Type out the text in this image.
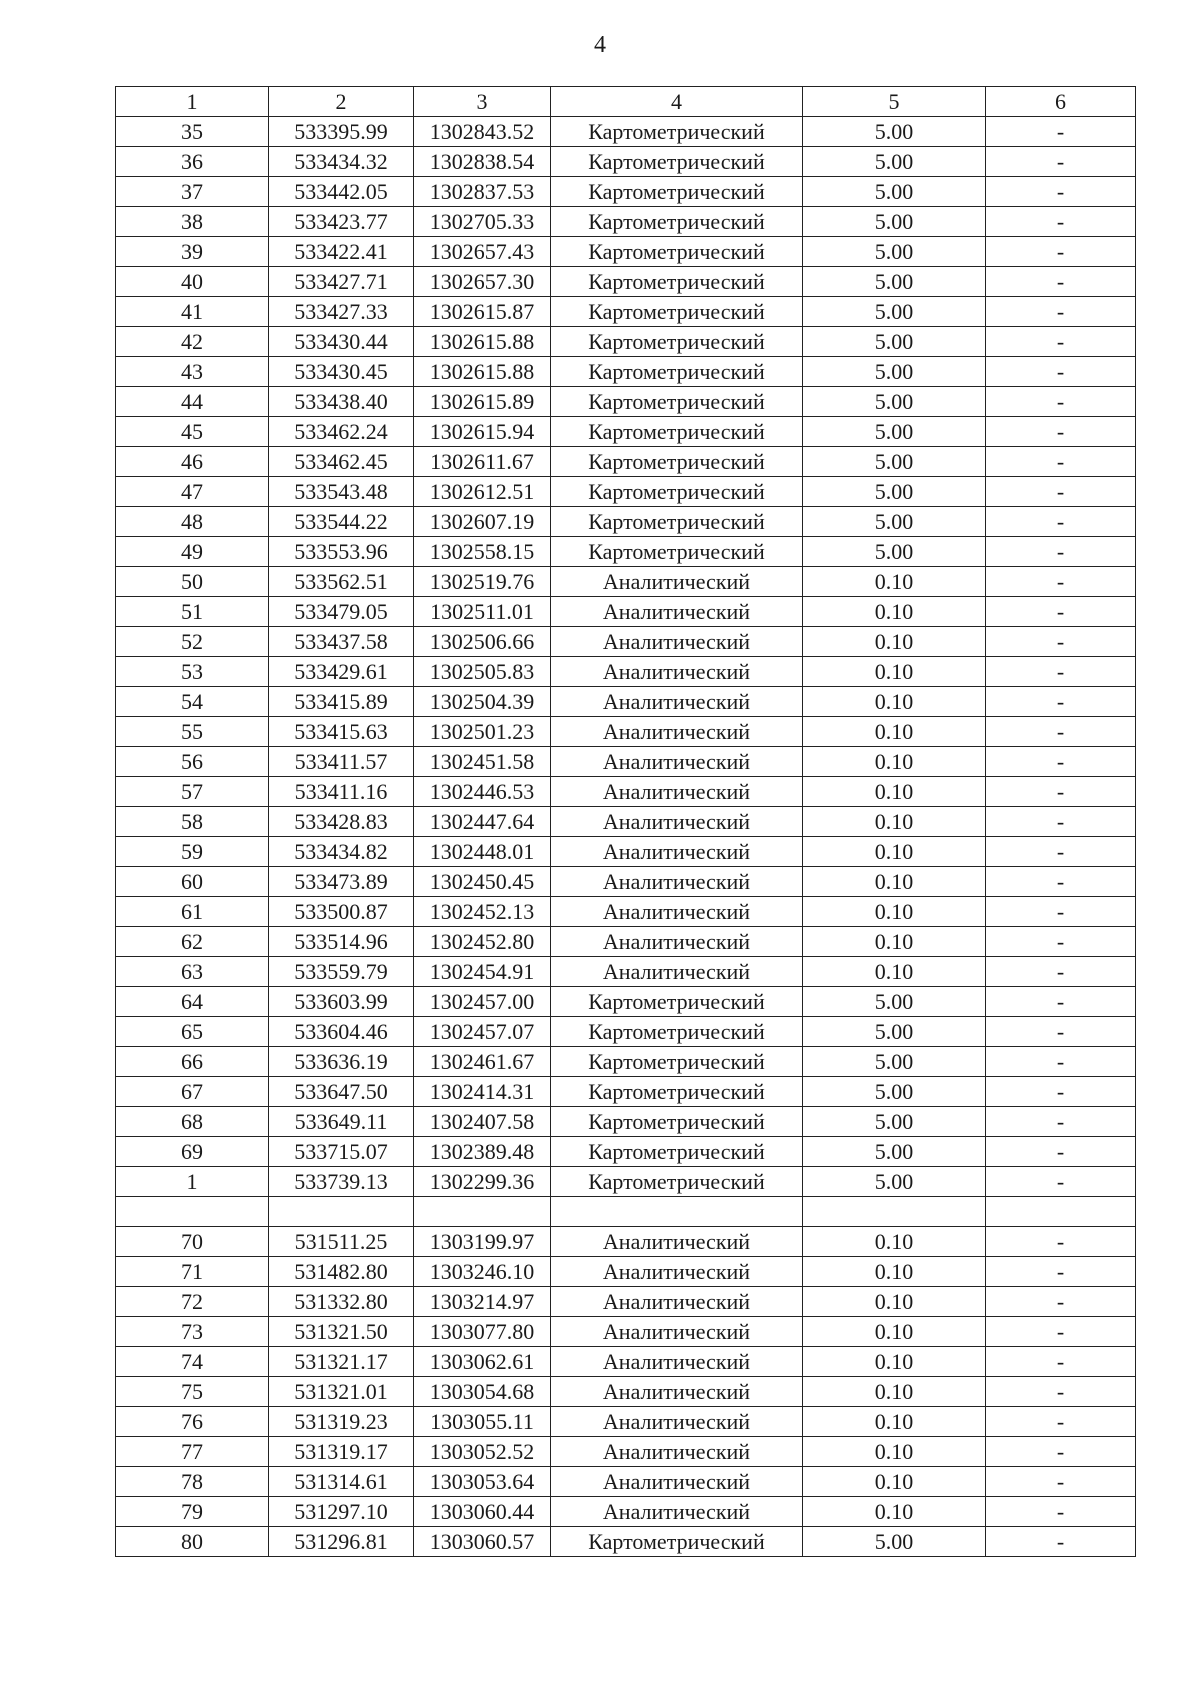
4
1	2	3	4	5	6
35	533395.99	1302843.52	Картометрический	5.00	-
36	533434.32	1302838.54	Картометрический	5.00	-
37	533442.05	1302837.53	Картометрический	5.00	-
38	533423.77	1302705.33	Картометрический	5.00	-
39	533422.41	1302657.43	Картометрический	5.00	-
40	533427.71	1302657.30	Картометрический	5.00	-
41	533427.33	1302615.87	Картометрический	5.00	-
42	533430.44	1302615.88	Картометрический	5.00	-
43	533430.45	1302615.88	Картометрический	5.00	-
44	533438.40	1302615.89	Картометрический	5.00	-
45	533462.24	1302615.94	Картометрический	5.00	-
46	533462.45	1302611.67	Картометрический	5.00	-
47	533543.48	1302612.51	Картометрический	5.00	-
48	533544.22	1302607.19	Картометрический	5.00	-
49	533553.96	1302558.15	Картометрический	5.00	-
50	533562.51	1302519.76	Аналитический	0.10	-
51	533479.05	1302511.01	Аналитический	0.10	-
52	533437.58	1302506.66	Аналитический	0.10	-
53	533429.61	1302505.83	Аналитический	0.10	-
54	533415.89	1302504.39	Аналитический	0.10	-
55	533415.63	1302501.23	Аналитический	0.10	-
56	533411.57	1302451.58	Аналитический	0.10	-
57	533411.16	1302446.53	Аналитический	0.10	-
58	533428.83	1302447.64	Аналитический	0.10	-
59	533434.82	1302448.01	Аналитический	0.10	-
60	533473.89	1302450.45	Аналитический	0.10	-
61	533500.87	1302452.13	Аналитический	0.10	-
62	533514.96	1302452.80	Аналитический	0.10	-
63	533559.79	1302454.91	Аналитический	0.10	-
64	533603.99	1302457.00	Картометрический	5.00	-
65	533604.46	1302457.07	Картометрический	5.00	-
66	533636.19	1302461.67	Картометрический	5.00	-
67	533647.50	1302414.31	Картометрический	5.00	-
68	533649.11	1302407.58	Картометрический	5.00	-
69	533715.07	1302389.48	Картометрический	5.00	-
1	533739.13	1302299.36	Картометрический	5.00	-

70	531511.25	1303199.97	Аналитический	0.10	-
71	531482.80	1303246.10	Аналитический	0.10	-
72	531332.80	1303214.97	Аналитический	0.10	-
73	531321.50	1303077.80	Аналитический	0.10	-
74	531321.17	1303062.61	Аналитический	0.10	-
75	531321.01	1303054.68	Аналитический	0.10	-
76	531319.23	1303055.11	Аналитический	0.10	-
77	531319.17	1303052.52	Аналитический	0.10	-
78	531314.61	1303053.64	Аналитический	0.10	-
79	531297.10	1303060.44	Аналитический	0.10	-
80	531296.81	1303060.57	Картометрический	5.00	-
